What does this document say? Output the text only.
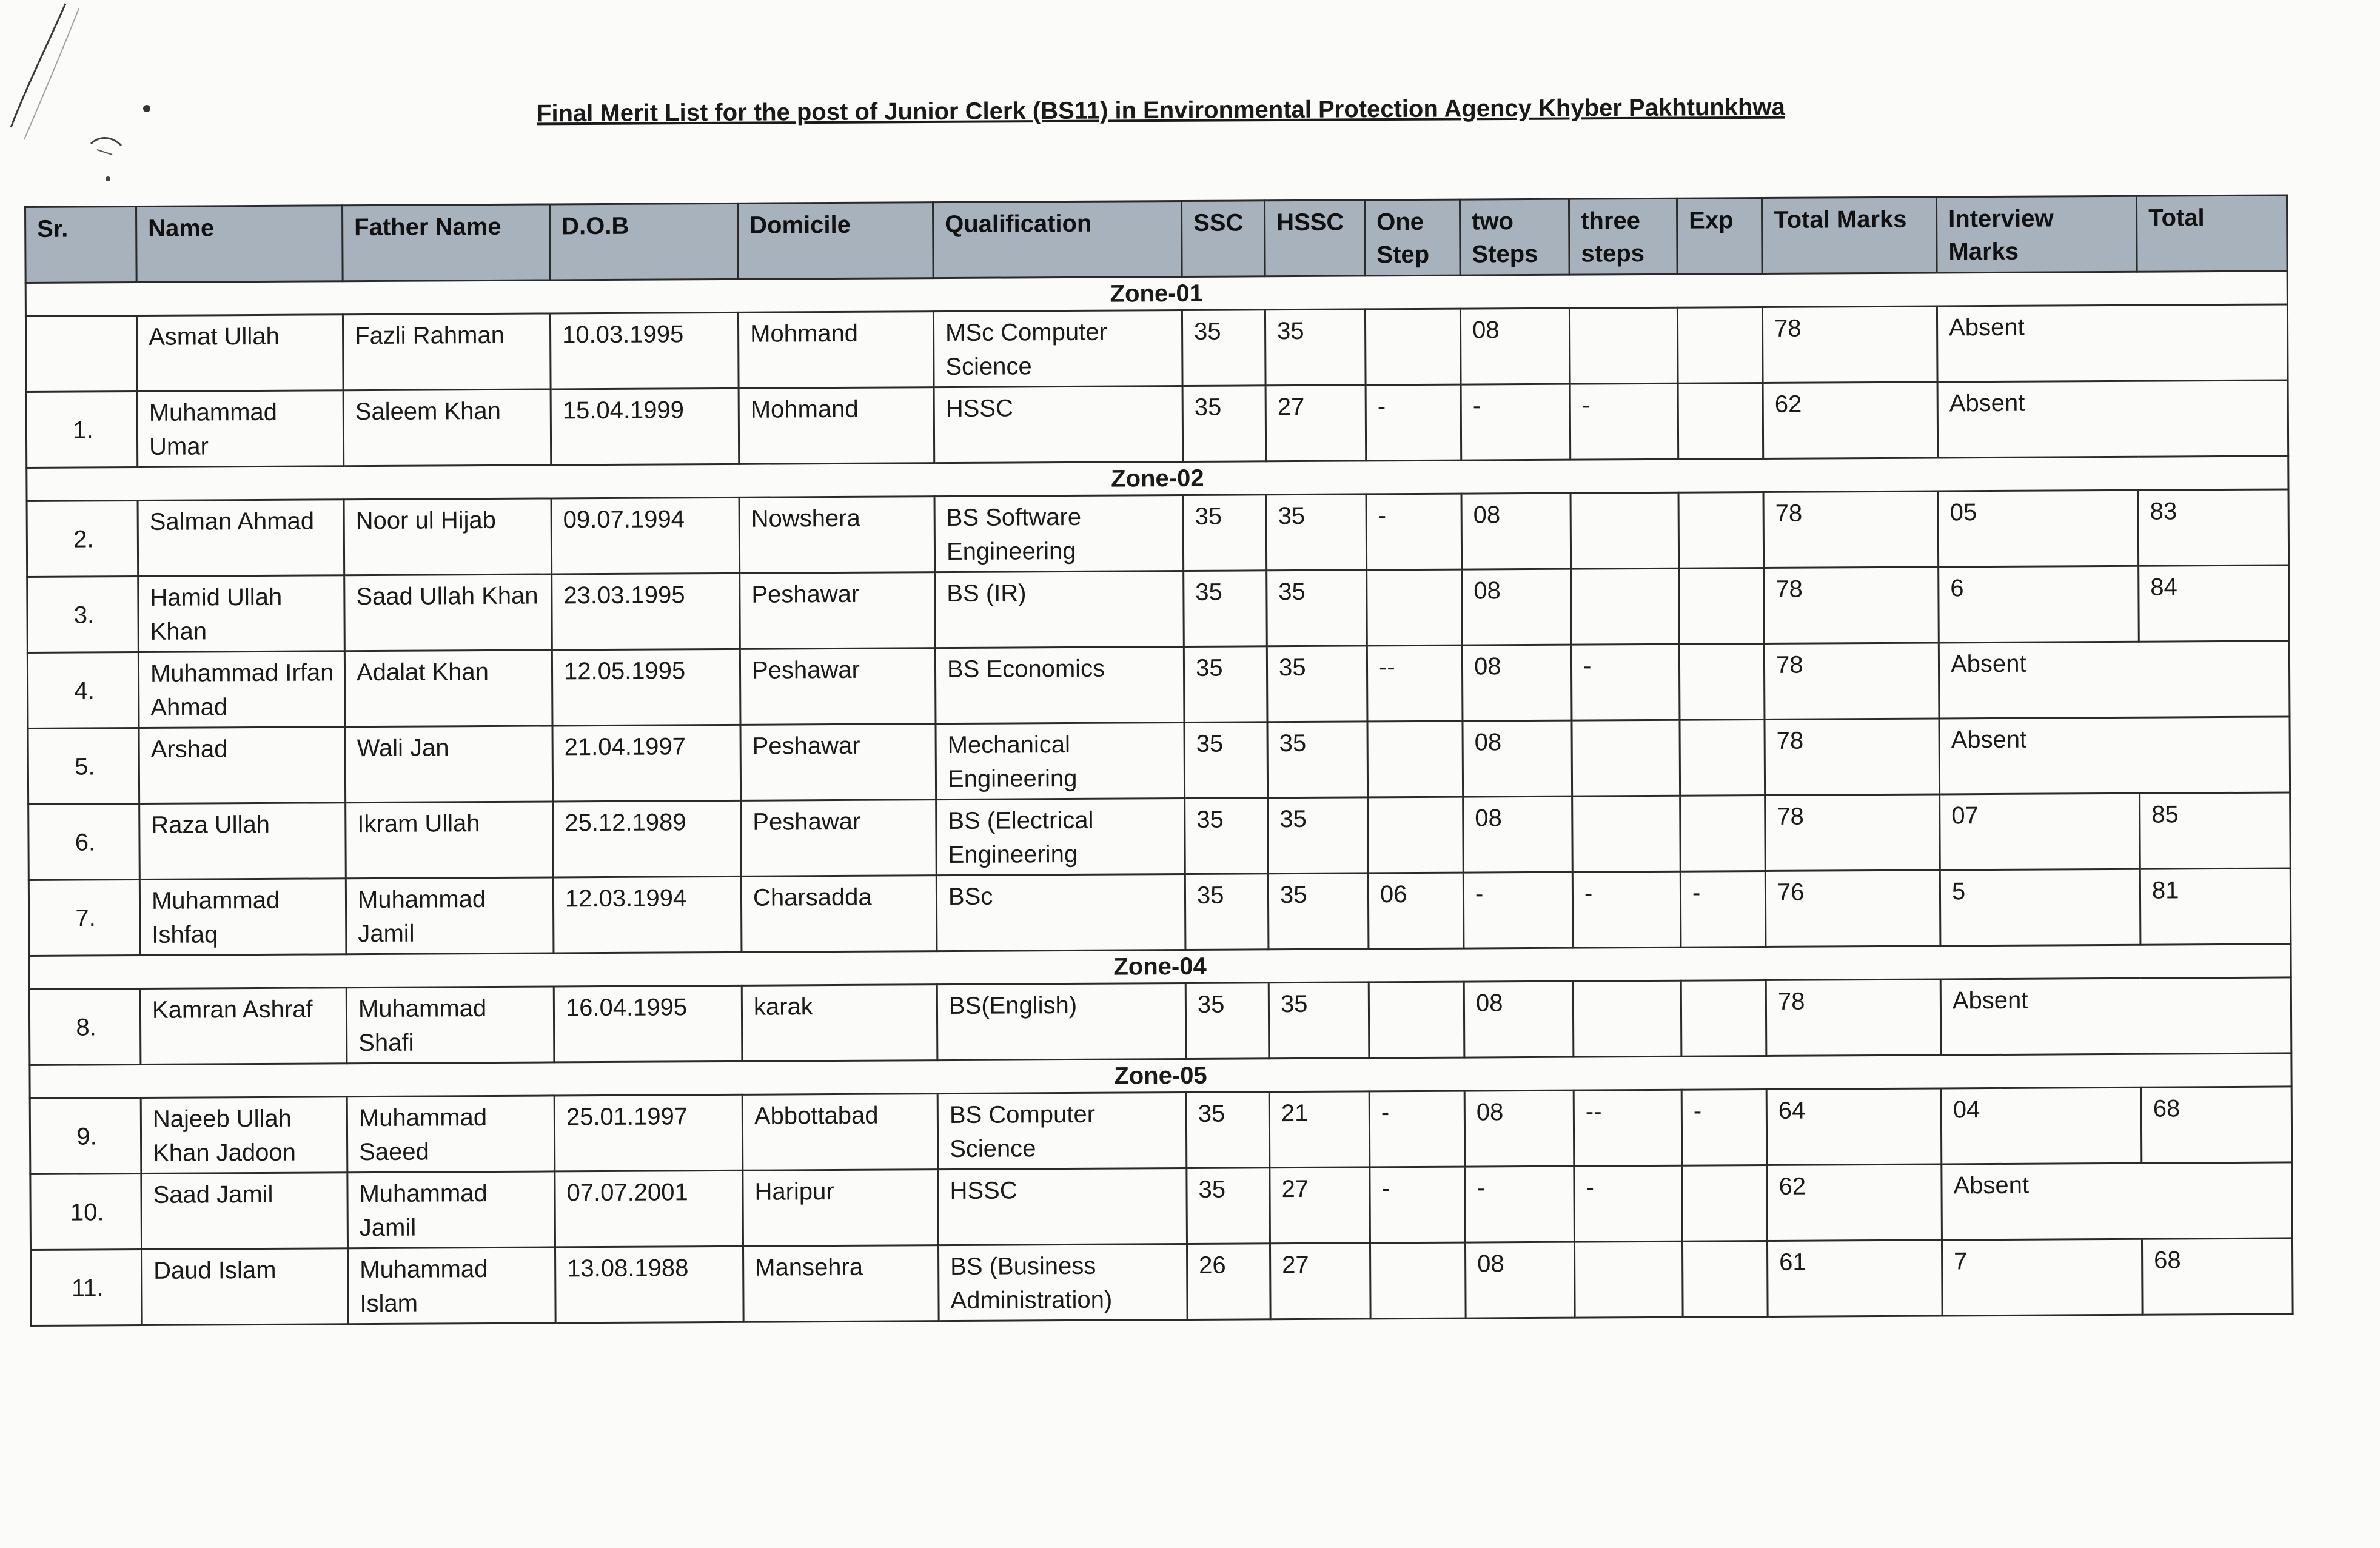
Final Merit List for the post of Junior Clerk (BS11) in Environmental Protection Agency Khyber Pakhtunkhwa
Sr.	Name	Father Name	D.O.B	Domicile	Qualification	SSC	HSSC	One Step	two Steps	three steps	Exp	Total Marks	Interview Marks	Total
Zone-01														
	Asmat Ullah	Fazli Rahman	10.03.1995	Mohmand	MSc Computer Science	35	35		08			78	Absent	
1.	Muhammad Umar	Saleem Khan	15.04.1999	Mohmand	HSSC	35	27	-	-	-		62	Absent	
Zone-02														
2.	Salman Ahmad	Noor ul Hijab	09.07.1994	Nowshera	BS Software Engineering	35	35	-	08			78	05	83
3.	Hamid Ullah Khan	Saad Ullah Khan	23.03.1995	Peshawar	BS (IR)	35	35		08			78	6	84
4.	Muhammad Irfan Ahmad	Adalat Khan	12.05.1995	Peshawar	BS Economics	35	35	--	08	-		78	Absent	
5.	Arshad	Wali Jan	21.04.1997	Peshawar	Mechanical Engineering	35	35		08			78	Absent	
6.	Raza Ullah	Ikram Ullah	25.12.1989	Peshawar	BS (Electrical Engineering	35	35		08			78	07	85
7.	Muhammad Ishfaq	Muhammad Jamil	12.03.1994	Charsadda	BSc	35	35	06	-	-	-	76	5	81
Zone-04														
8.	Kamran Ashraf	Muhammad Shafi	16.04.1995	karak	BS(English)	35	35		08			78	Absent	
Zone-05														
9.	Najeeb Ullah Khan Jadoon	Muhammad Saeed	25.01.1997	Abbottabad	BS Computer Science	35	21	-	08	--	-	64	04	68
10.	Saad Jamil	Muhammad Jamil	07.07.2001	Haripur	HSSC	35	27	-	-	-		62	Absent	
11.	Daud Islam	Muhammad Islam	13.08.1988	Mansehra	BS (Business Administration)	26	27		08			61	7	68
